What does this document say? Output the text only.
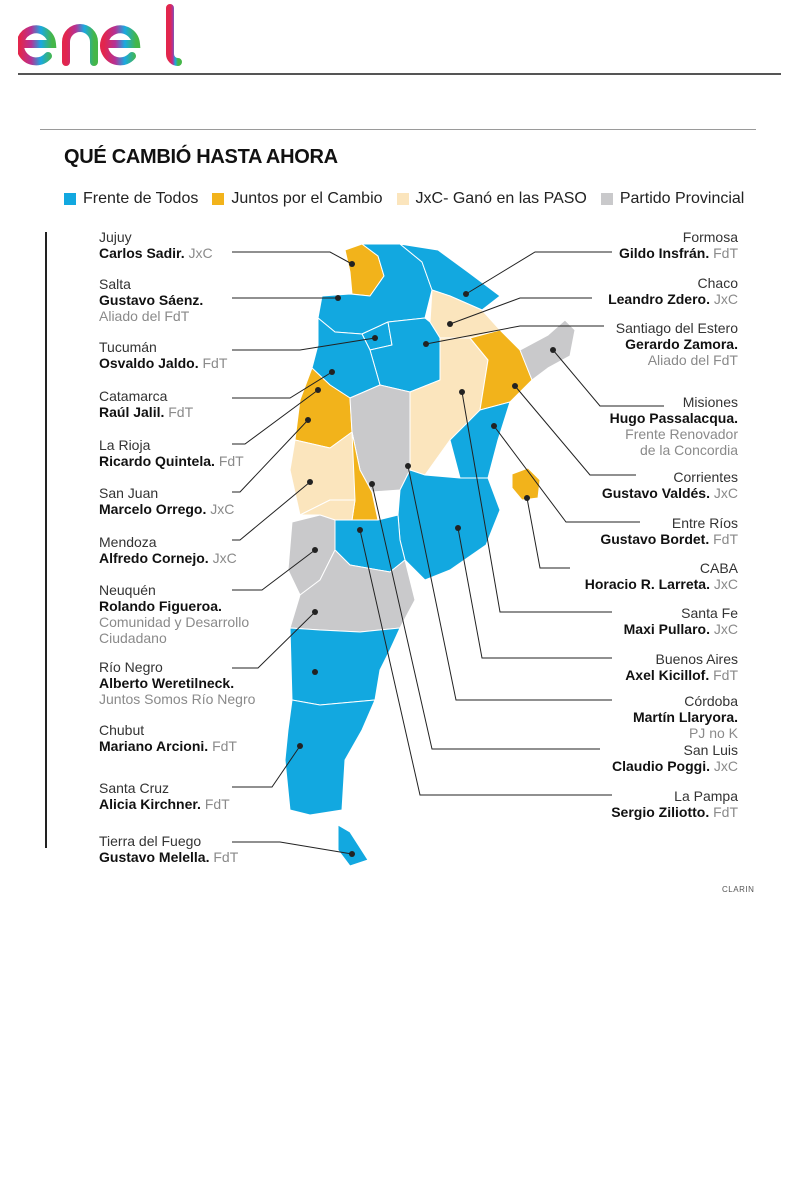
QUÉ CAMBIÓ HASTA AHORA
Frente de Todos Juntos por el Cambio JxC- Ganó en las PASO Partido Provincial
Jujuy
Carlos Sadir. JxC
Salta
Gustavo Sáenz.
Aliado del FdT
Tucumán
Osvaldo Jaldo. FdT
Catamarca
Raúl Jalil. FdT
La Rioja
Ricardo Quintela. FdT
San Juan
Marcelo Orrego. JxC
Mendoza
Alfredo Cornejo. JxC
Neuquén
Rolando Figueroa.
Comunidad y Desarrollo
Ciudadano
Río Negro
Alberto Weretilneck.
Juntos Somos Río Negro
Chubut
Mariano Arcioni. FdT
Santa Cruz
Alicia Kirchner. FdT
Tierra del Fuego
Gustavo Melella. FdT
Formosa
Gildo Insfrán. FdT
Chaco
Leandro Zdero. JxC
Santiago del Estero
Gerardo Zamora.
Aliado del FdT
Misiones
Hugo Passalacqua.
Frente Renovador
de la Concordia
Corrientes
Gustavo Valdés. JxC
Entre Ríos
Gustavo Bordet. FdT
CABA
Horacio R. Larreta. JxC
Santa Fe
Maxi Pullaro. JxC
Buenos Aires
Axel Kicillof. FdT
Córdoba
Martín Llaryora.
PJ no K
San Luis
Claudio Poggi. JxC
La Pampa
Sergio Ziliotto. FdT
CLARIN
